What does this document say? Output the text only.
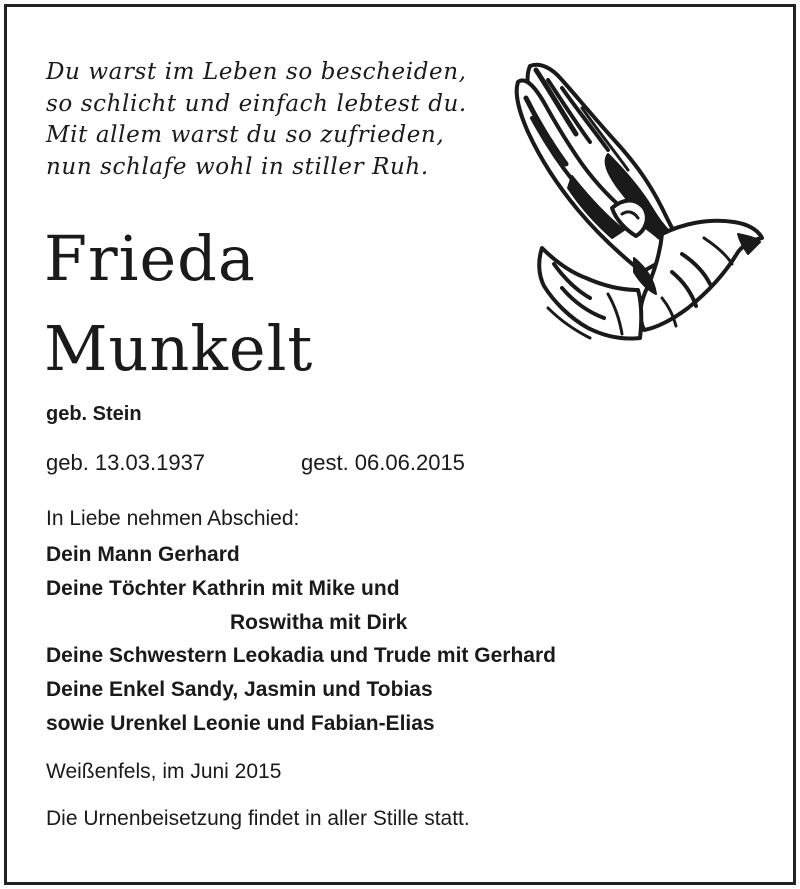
Du warst im Leben so bescheiden,
so schlicht und einfach lebtest du.
Mit allem warst du so zufrieden,
nun schlafe wohl in stiller Ruh.
Frieda
Munkelt
geb. Stein
geb. 13.03.1937	gest. 06.06.2015
In Liebe nehmen Abschied:
Dein Mann Gerhard
Deine Töchter Kathrin mit Mike und
Roswitha mit Dirk
Deine Schwestern Leokadia und Trude mit Gerhard
Deine Enkel Sandy, Jasmin und Tobias
sowie Urenkel Leonie und Fabian-Elias
Weißenfels, im Juni 2015
Die Urnenbeisetzung findet in aller Stille statt.
